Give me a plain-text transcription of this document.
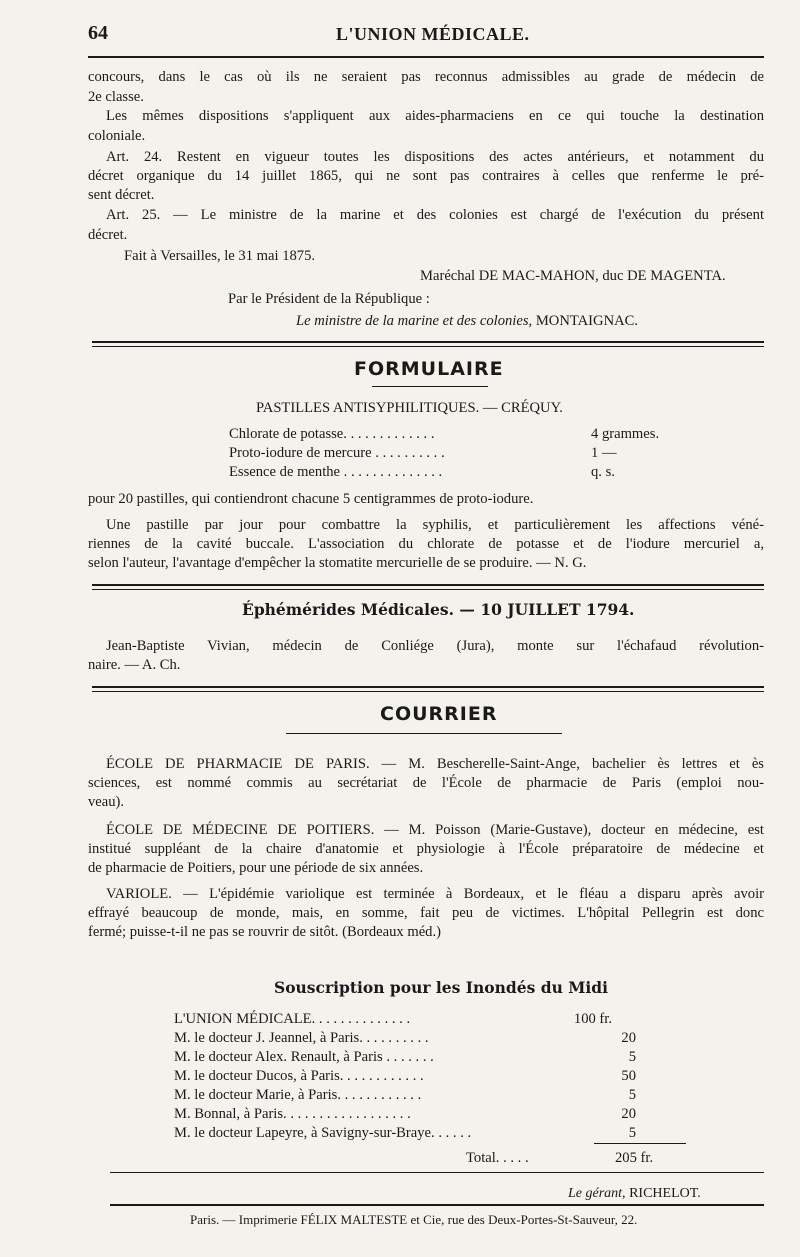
64	L'UNION MÉDICALE.
concours, dans le cas où ils ne seraient pas reconnus admissibles au grade de médecin de
2e classe.
Les mêmes dispositions s'appliquent aux aides-pharmaciens en ce qui touche la destination
coloniale.
Art. 24. Restent en vigueur toutes les dispositions des actes antérieurs, et notamment du
décret organique du 14 juillet 1865, qui ne sont pas contraires à celles que renferme le pré-
sent décret.
Art. 25. — Le ministre de la marine et des colonies est chargé de l'exécution du présent
décret.
Fait à Versailles, le 31 mai 1875.
Maréchal DE MAC-MAHON, duc DE MAGENTA.
Par le Président de la République :
Le ministre de la marine et des colonies, MONTAIGNAC.
FORMULAIRE
PASTILLES ANTISYPHILITIQUES. — CRÉQUY.
Chlorate de potasse. . . . . . . . . . . . .	4 grammes.
Proto-iodure de mercure . . . . . . . . . .	1 —
Essence de menthe . . . . . . . . . . . . . .	q. s.
pour 20 pastilles, qui contiendront chacune 5 centigrammes de proto-iodure.
Une pastille par jour pour combattre la syphilis, et particulièrement les affections véné-
riennes de la cavité buccale. L'association du chlorate de potasse et de l'iodure mercuriel a,
selon l'auteur, l'avantage d'empêcher la stomatite mercurielle de se produire. — N. G.
Éphémérides Médicales. — 10 JUILLET 1794.
Jean-Baptiste Vivian, médecin de Conliége (Jura), monte sur l'échafaud révolution-
naire. — A. Ch.
COURRIER
ÉCOLE DE PHARMACIE DE PARIS. — M. Bescherelle-Saint-Ange, bachelier ès lettres et ès
sciences, est nommé commis au secrétariat de l'École de pharmacie de Paris (emploi nou-
veau).
ÉCOLE DE MÉDECINE DE POITIERS. — M. Poisson (Marie-Gustave), docteur en médecine, est
institué suppléant de la chaire d'anatomie et physiologie à l'École préparatoire de médecine et
de pharmacie de Poitiers, pour une période de six années.
VARIOLE. — L'épidémie variolique est terminée à Bordeaux, et le fléau a disparu après avoir
effrayé beaucoup de monde, mais, en somme, fait peu de victimes. L'hôpital Pellegrin est donc
fermé; puisse-t-il ne pas se rouvrir de sitôt. (Bordeaux méd.)
Souscription pour les Inondés du Midi
L'UNION MÉDICALE. . . . . . . . . . . . . .	100 fr.
M. le docteur J. Jeannel, à Paris. . . . . . . . . .	20
M. le docteur Alex. Renault, à Paris . . . . . . .	5
M. le docteur Ducos, à Paris. . . . . . . . . . . .	50
M. le docteur Marie, à Paris. . . . . . . . . . . .	5
M. Bonnal, à Paris. . . . . . . . . . . . . . . . . .	20
M. le docteur Lapeyre, à Savigny-sur-Braye. . . . . .	5
Total. . . . .	205 fr.
Le gérant, RICHELOT.
Paris. — Imprimerie FÉLIX MALTESTE et Cie, rue des Deux-Portes-St-Sauveur, 22.
